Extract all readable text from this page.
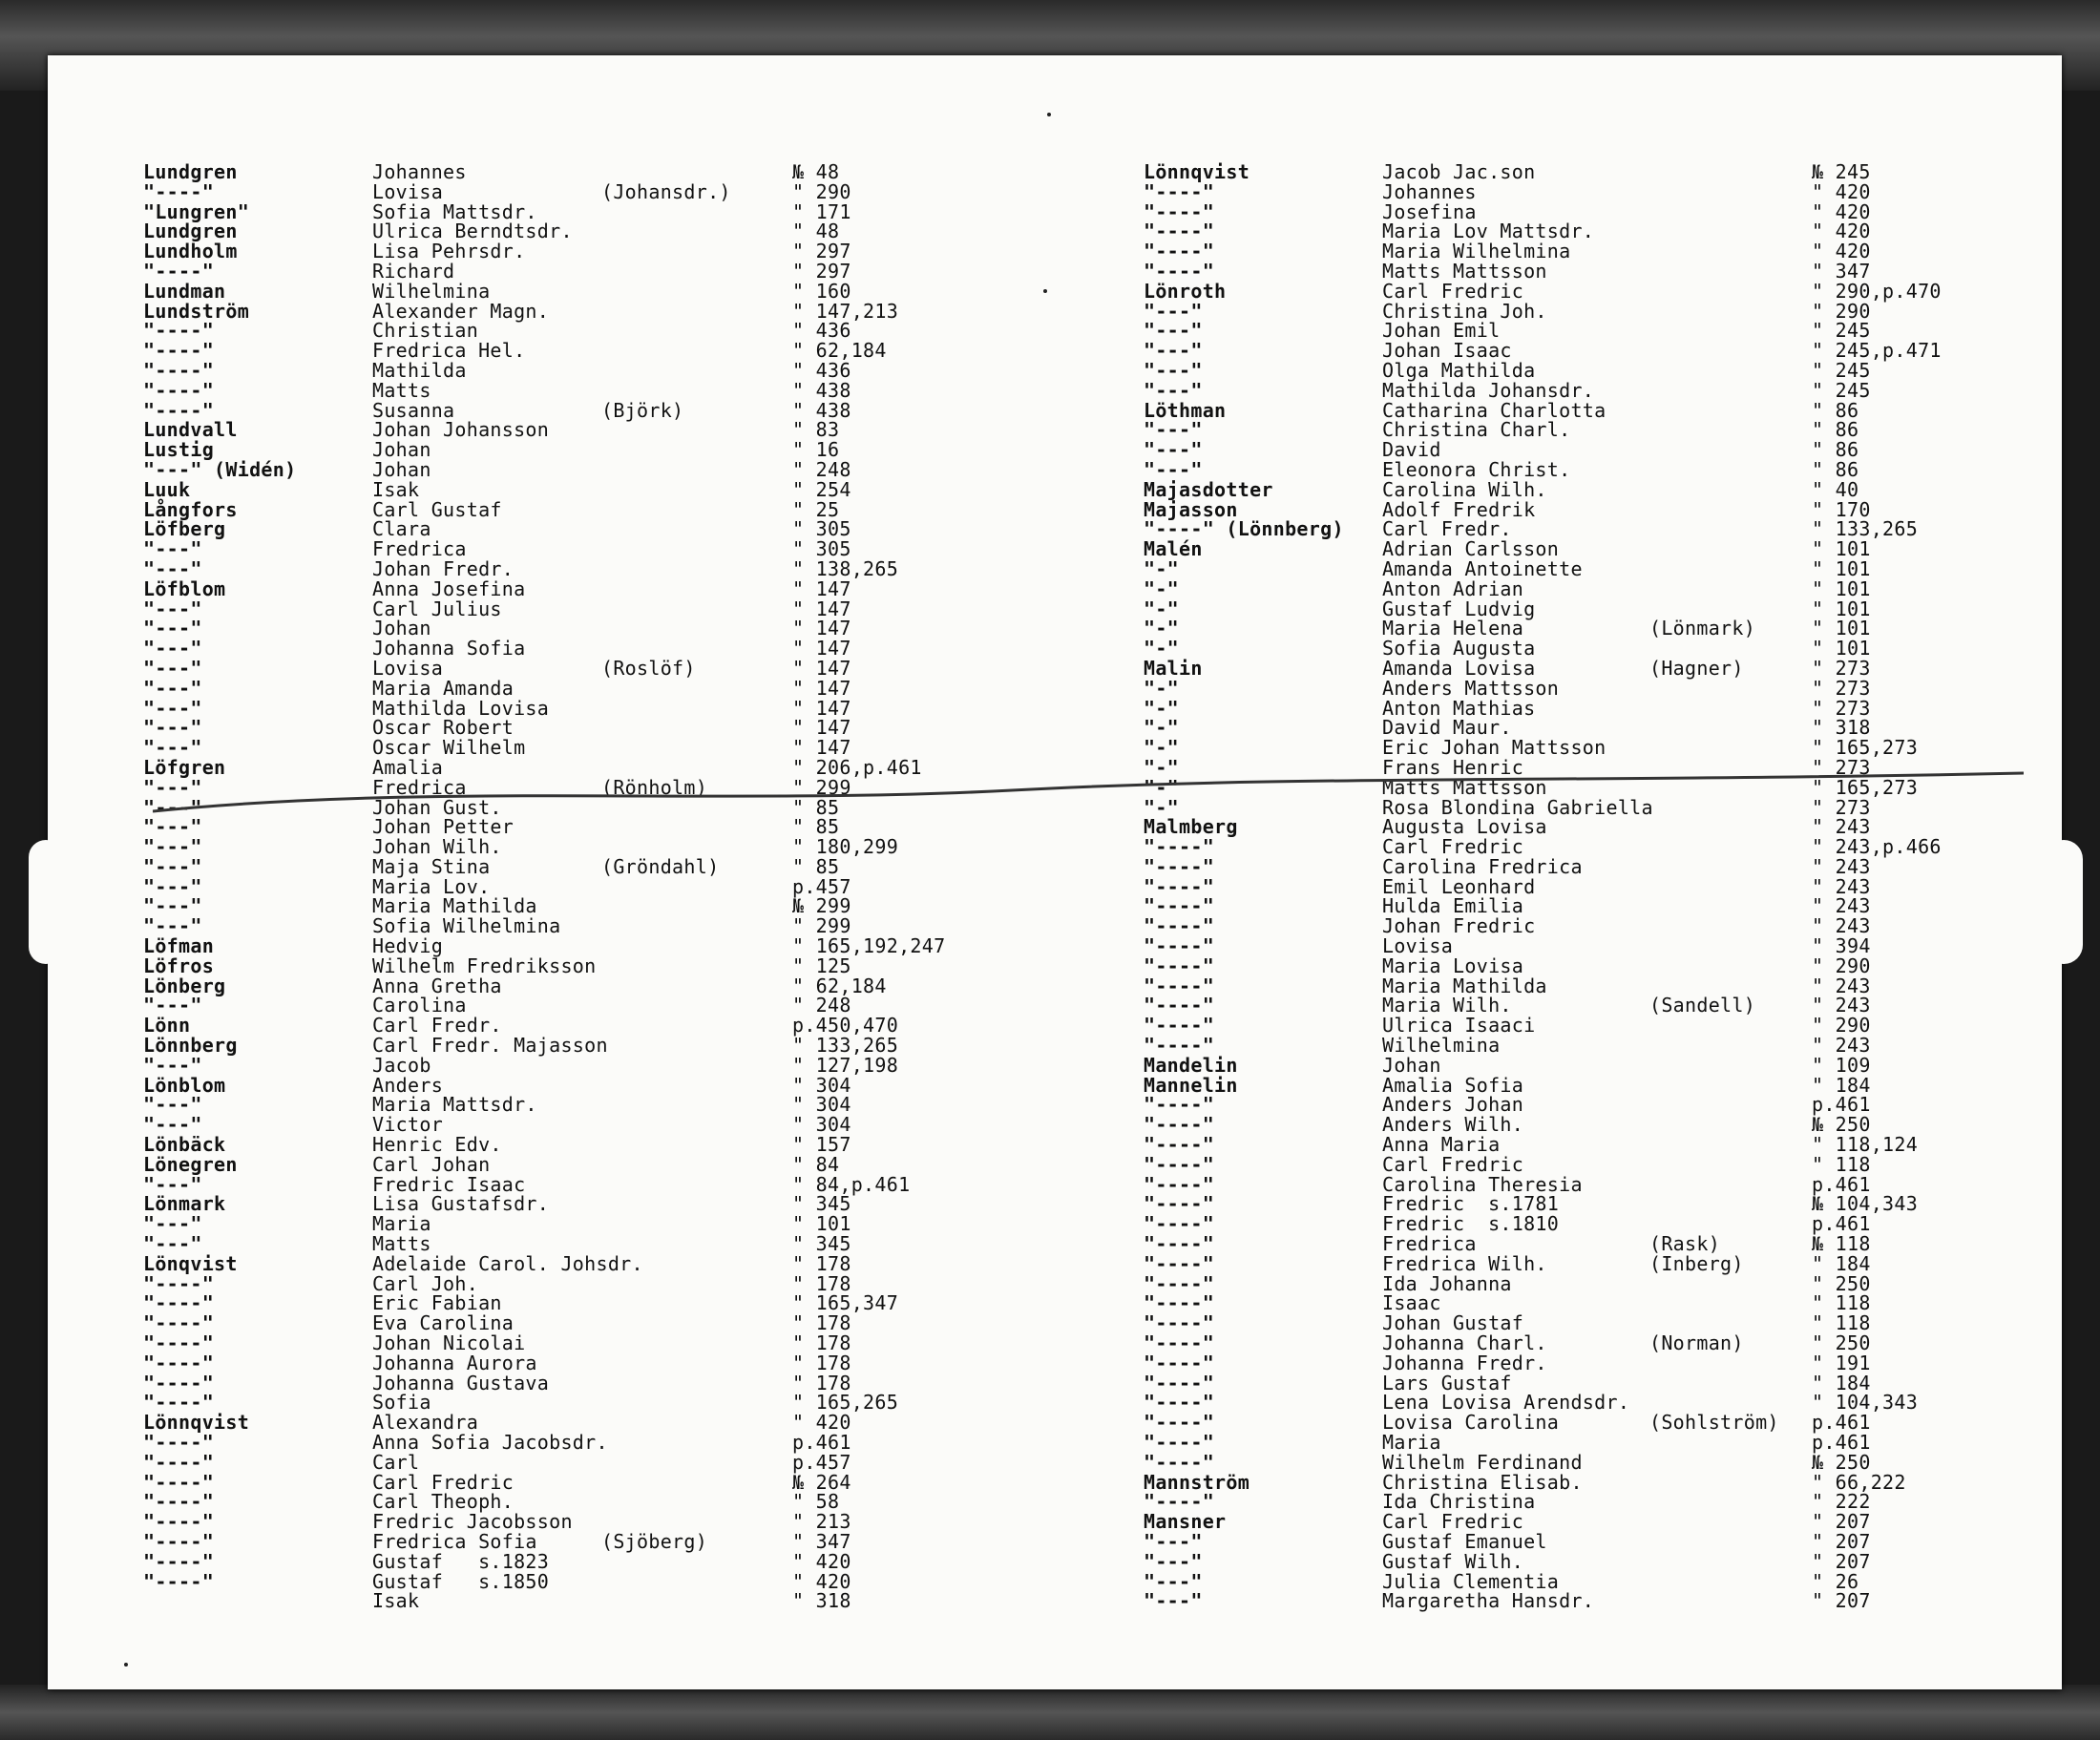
Lundgren	Johannes	№ 48
"----"	Lovisa	(Johansdr.)	" 290
"Lungren"	Sofia Mattsdr.	" 171
Lundgren	Ulrica Berndtsdr.	" 48
Lundholm	Lisa Pehrsdr.	" 297
"----"	Richard	" 297
Lundman	Wilhelmina	" 160
Lundström	Alexander Magn.	" 147,213
"----"	Christian	" 436
"----"	Fredrica Hel.	" 62,184
"----"	Mathilda	" 436
"----"	Matts	" 438
"----"	Susanna	(Björk)	" 438
Lundvall	Johan Johansson	" 83
Lustig	Johan	" 16
"---" (Widén)	Johan	" 248
Luuk	Isak	" 254
Långfors	Carl Gustaf	" 25
Löfberg	Clara	" 305
"---"	Fredrica	" 305
"---"	Johan Fredr.	" 138,265
Löfblom	Anna Josefina	" 147
"---"	Carl Julius	" 147
"---"	Johan	" 147
"---"	Johanna Sofia	" 147
"---"	Lovisa	(Roslöf)	" 147
"---"	Maria Amanda	" 147
"---"	Mathilda Lovisa	" 147
"---"	Oscar Robert	" 147
"---"	Oscar Wilhelm	" 147
Löfgren	Amalia	" 206,p.461
"---"	Fredrica	(Rönholm)	" 299
"---"	Johan Gust.	" 85
"---"	Johan Petter	" 85
"---"	Johan Wilh.	" 180,299
"---"	Maja Stina	(Gröndahl)	" 85
"---"	Maria Lov.	p.457
"---"	Maria Mathilda	№ 299
"---"	Sofia Wilhelmina	" 299
Löfman	Hedvig	" 165,192,247
Löfros	Wilhelm Fredriksson	" 125
Lönberg	Anna Gretha	" 62,184
"---"	Carolina	" 248
Lönn	Carl Fredr.	p.450,470
Lönnberg	Carl Fredr. Majasson	" 133,265
"---"	Jacob	" 127,198
Lönblom	Anders	" 304
"---"	Maria Mattsdr.	" 304
"---"	Victor	" 304
Lönbäck	Henric Edv.	" 157
Lönegren	Carl Johan	" 84
"---"	Fredric Isaac	" 84,p.461
Lönmark	Lisa Gustafsdr.	" 345
"---"	Maria	" 101
"---"	Matts	" 345
Lönqvist	Adelaide Carol. Johsdr.	" 178
"----"	Carl Joh.	" 178
"----"	Eric Fabian	" 165,347
"----"	Eva Carolina	" 178
"----"	Johan Nicolai	" 178
"----"	Johanna Aurora	" 178
"----"	Johanna Gustava	" 178
"----"	Sofia	" 165,265
Lönnqvist	Alexandra	" 420
"----"	Anna Sofia Jacobsdr.	p.461
"----"	Carl	p.457
"----"	Carl Fredric	№ 264
"----"	Carl Theoph.	" 58
"----"	Fredric Jacobsson	" 213
"----"	Fredrica Sofia	(Sjöberg)	" 347
"----"	Gustaf   s.1823	" 420
"----"	Gustaf   s.1850	" 420
Isak	" 318
Lönnqvist	Jacob Jac.son	№ 245
"----"	Johannes	" 420
"----"	Josefina	" 420
"----"	Maria Lov Mattsdr.	" 420
"----"	Maria Wilhelmina	" 420
"----"	Matts Mattsson	" 347
Lönroth	Carl Fredric	" 290,p.470
"---"	Christina Joh.	" 290
"---"	Johan Emil	" 245
"---"	Johan Isaac	" 245,p.471
"---"	Olga Mathilda	" 245
"---"	Mathilda Johansdr.	" 245
Löthman	Catharina Charlotta	" 86
"---"	Christina Charl.	" 86
"---"	David	" 86
"---"	Eleonora Christ.	" 86
Majasdotter	Carolina Wilh.	" 40
Majasson	Adolf Fredrik	" 170
"----" (Lönnberg) Carl Fredr.	" 133,265
Malén	Adrian Carlsson	" 101
"-"	Amanda Antoinette	" 101
"-"	Anton Adrian	" 101
"-"	Gustaf Ludvig	" 101
"-"	Maria Helena	(Lönmark)	" 101
"-"	Sofia Augusta	" 101
Malin	Amanda Lovisa	(Hagner)	" 273
"-"	Anders Mattsson	" 273
"-"	Anton Mathias	" 273
"-"	David Maur.	" 318
"-"	Eric Johan Mattsson	" 165,273
"-"	Frans Henric	" 273
"-"	Matts Mattsson	" 165,273
"-"	Rosa Blondina Gabriella	" 273
Malmberg	Augusta Lovisa	" 243
"----"	Carl Fredric	" 243,p.466
"----"	Carolina Fredrica	" 243
"----"	Emil Leonhard	" 243
"----"	Hulda Emilia	" 243
"----"	Johan Fredric	" 243
"----"	Lovisa	" 394
"----"	Maria Lovisa	" 290
"----"	Maria Mathilda	" 243
"----"	Maria Wilh.	(Sandell)	" 243
"----"	Ulrica Isaaci	" 290
"----"	Wilhelmina	" 243
Mandelin	Johan	" 109
Mannelin	Amalia Sofia	" 184
"----"	Anders Johan	p.461
"----"	Anders Wilh.	№ 250
"----"	Anna Maria	" 118,124
"----"	Carl Fredric	" 118
"----"	Carolina Theresia	p.461
"----"	Fredric  s.1781	№ 104,343
"----"	Fredric  s.1810	p.461
"----"	Fredrica	(Rask)	№ 118
"----"	Fredrica Wilh.	(Inberg)	" 184
"----"	Ida Johanna	" 250
"----"	Isaac	" 118
"----"	Johan Gustaf	" 118
"----"	Johanna Charl.	(Norman)	" 250
"----"	Johanna Fredr.	" 191
"----"	Lars Gustaf	" 184
"----"	Lena Lovisa Arendsdr.	" 104,343
"----"	Lovisa Carolina	(Sohlström) p.461
"----"	Maria	p.461
"----"	Wilhelm Ferdinand	№ 250
Mannström	Christina Elisab.	" 66,222
"----"	Ida Christina	" 222
Mansner	Carl Fredric	" 207
"---"	Gustaf Emanuel	" 207
"---"	Gustaf Wilh.	" 207
"---"	Julia Clementia	" 26
"---"	Margaretha Hansdr.	" 207
